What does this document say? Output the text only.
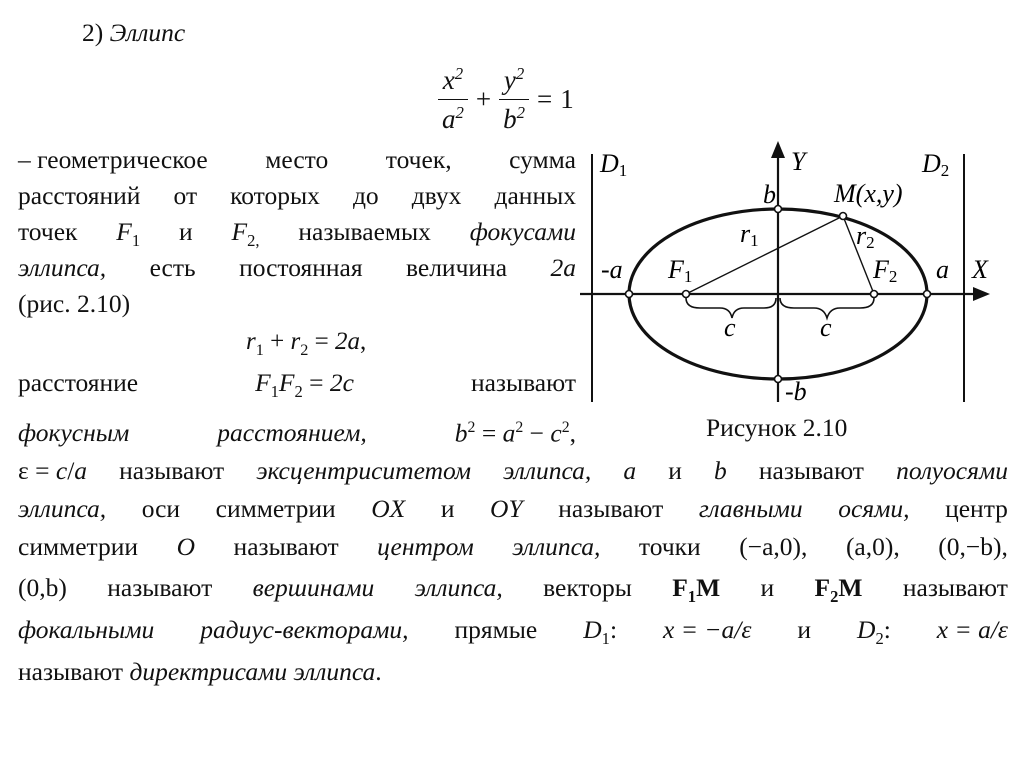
2) Эллипс
$\frac{x^2}{a^2} + \frac{y^2}{b^2} = 1$
– геометрическое место точек, сумма
расстояний от которых до двух данных
точек $F_1$ и $F_{2,}$ называемых фокусами
эллипса, есть постоянная величина 2a
(рис. 2.10)
$r_1 + r_2 = 2a$,
расстояние	$F_1F_2 = 2c$	называют
фокусным	расстоянием,	$b^2 = a^2 - c^2$,
D1	D2
Y
X
b
-b
a
-a
M(x,y)
r1	r2
F1	F2
c	c
Рисунок 2.10
ε = c/a называют эксцентриситетом эллипса, a и b называют полуосями
эллипса, оси симметрии OX и OY называют главными осями, центр
симметрии O называют центром эллипса, точки (−a,0), (a,0), (0,−b),
(0,b) называют вершинами эллипса, векторы $F_1M$ и $F_2M$ называют
фокальными радиус-векторами, прямые $D_1$: x = −a/ε и $D_2$: x = a/ε
называют директрисами эллипса.
